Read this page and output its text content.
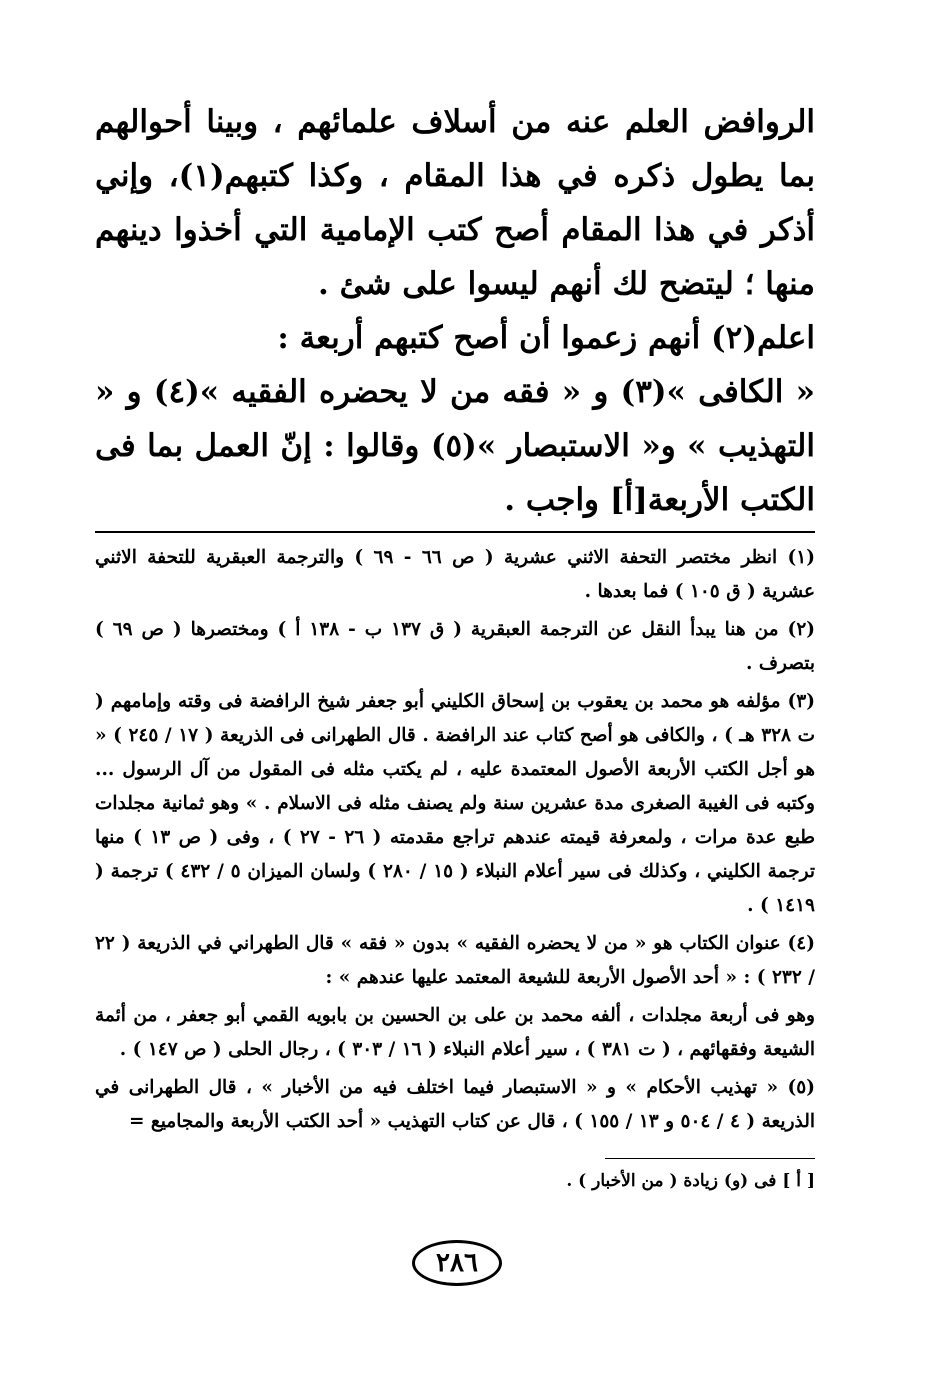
الروافض العلم عنه من أسلاف علمائهم ، وبينا أحوالهم بما يطول ذكره في هذا المقام ، وكذا كتبهم(١)، وإني أذكر في هذا المقام أصح كتب الإمامية التي أخذوا دينهم منها ؛ ليتضح لك أنهم ليسوا على شئ .

اعلم(٢) أنهم زعموا أن أصح كتبهم أربعة :

« الكافى »(٣) و « فقه من لا يحضره الفقيه »(٤) و « التهذيب » و« الاستبصار »(٥) وقالوا : إنّ العمل بما فى الكتب الأربعة[أ] واجب .

(١) انظر مختصر التحفة الاثني عشرية ( ص ٦٦ - ٦٩ ) والترجمة العبقرية للتحفة الاثني عشرية ( ق ١٠٥ ) فما بعدها .

(٢) من هنا يبدأ النقل عن الترجمة العبقرية ( ق ١٣٧ ب - ١٣٨ أ ) ومختصرها ( ص ٦٩ ) بتصرف .

(٣) مؤلفه هو محمد بن يعقوب بن إسحاق الكليني أبو جعفر شيخ الرافضة فى وقته وإمامهم ( ت ٣٢٨ هـ ) ، والكافى هو أصح كتاب عند الرافضة . قال الطهرانى فى الذريعة ( ١٧ / ٢٤٥ ) « هو أجل الكتب الأربعة الأصول المعتمدة عليه ، لم يكتب مثله فى المقول من آل الرسول ... وكتبه فى الغيبة الصغرى مدة عشرين سنة ولم يصنف مثله فى الاسلام . » وهو ثمانية مجلدات طبع عدة مرات ، ولمعرفة قيمته عندهم تراجع مقدمته ( ٢٦ - ٢٧ ) ، وفى ( ص ١٣ ) منها ترجمة الكليني ، وكذلك فى سير أعلام النبلاء ( ١٥ / ٢٨٠ ) ولسان الميزان ٥ / ٤٣٢ ) ترجمة ( ١٤١٩ ) .

(٤) عنوان الكتاب هو « من لا يحضره الفقيه » بدون « فقه » قال الطهراني في الذريعة ( ٢٢ / ٢٣٢ ) : « أحد الأصول الأربعة للشيعة المعتمد عليها عندهم » :

وهو فى أربعة مجلدات ، ألفه محمد بن على بن الحسين بن بابويه القمي أبو جعفر ، من أئمة الشيعة وفقهائهم ، ( ت ٣٨١ ) ، سير أعلام النبلاء ( ١٦ / ٣٠٣ ) ، رجال الحلى ( ص ١٤٧ ) .

(٥) « تهذيب الأحكام » و « الاستبصار فيما اختلف فيه من الأخبار » ، قال الطهرانى في الذريعة ( ٤ / ٥٠٤ و ١٣ / ١٥٥ ) ، قال عن كتاب التهذيب « أحد الكتب الأربعة والمجاميع =

[ أ ] فى (و) زيادة ( من الأخبار ) .
٢٨٦
